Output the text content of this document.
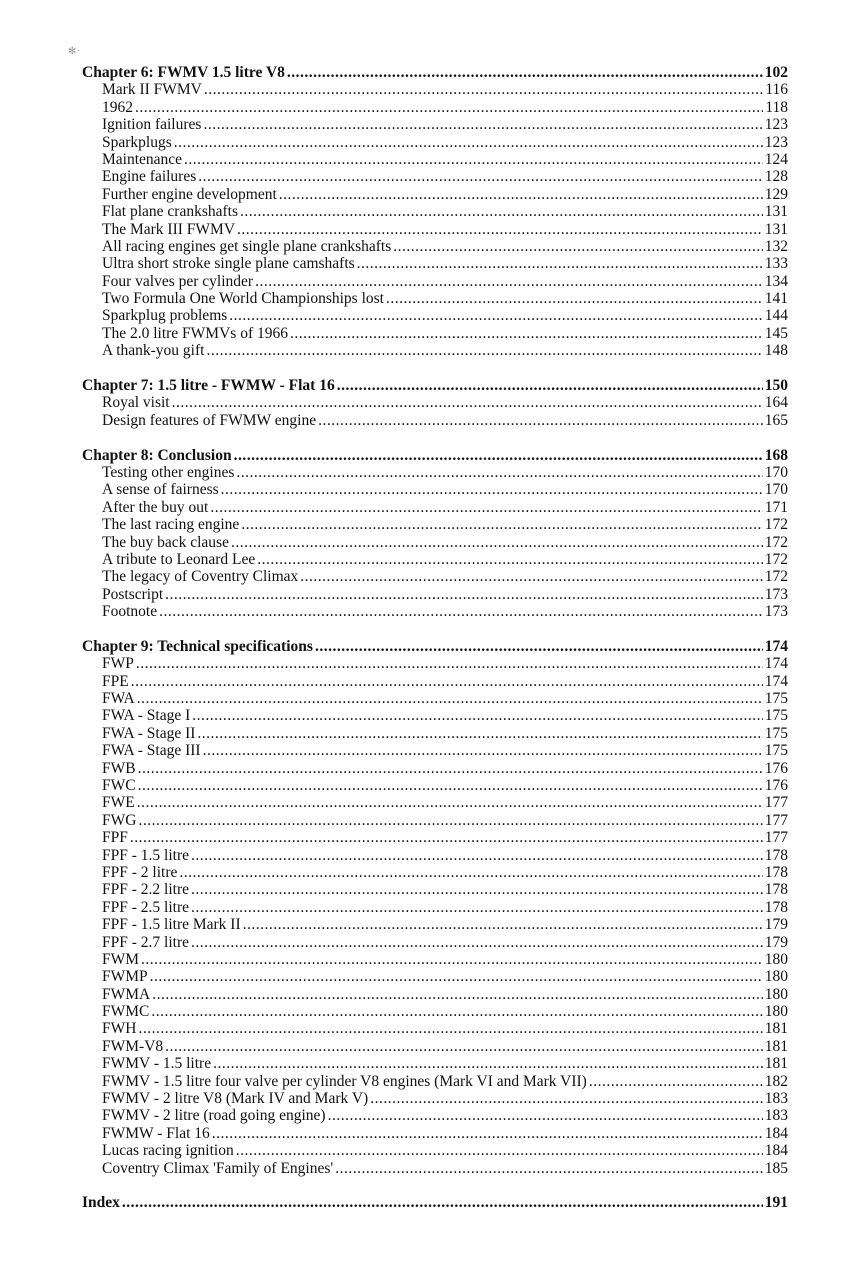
✻ ·
Chapter 6: FWMV 1.5 litre V8 .....	102
Mark II FWMV .....	116
1962 .....	118
Ignition failures .....	123
Sparkplugs .....	123
Maintenance .....	124
Engine failures .....	128
Further engine development .....	129
Flat plane crankshafts .....	131
The Mark III FWMV .....	131
All racing engines get single plane crankshafts .....	132
Ultra short stroke single plane camshafts .....	133
Four valves per cylinder .....	134
Two Formula One World Championships lost .....	141
Sparkplug problems .....	144
The 2.0 litre FWMVs of 1966 .....	145
A thank-you gift .....	148
Chapter 7: 1.5 litre - FWMW - Flat 16 .....	150
Royal visit .....	164
Design features of FWMW engine .....	165
Chapter 8: Conclusion .....	168
Testing other engines .....	170
A sense of fairness .....	170
After the buy out .....	171
The last racing engine .....	172
The buy back clause .....	172
A tribute to Leonard Lee .....	172
The legacy of Coventry Climax .....	172
Postscript .....	173
Footnote .....	173
Chapter 9: Technical specifications .....	174
FWP .....	174
FPE .....	174
FWA .....	175
FWA - Stage I .....	175
FWA - Stage II .....	175
FWA - Stage III .....	175
FWB .....	176
FWC .....	176
FWE .....	177
FWG .....	177
FPF .....	177
FPF - 1.5 litre .....	178
FPF - 2 litre .....	178
FPF - 2.2 litre .....	178
FPF - 2.5 litre .....	178
FPF - 1.5 litre Mark II .....	179
FPF - 2.7 litre .....	179
FWM .....	180
FWMP .....	180
FWMA .....	180
FWMC .....	180
FWH .....	181
FWM-V8 .....	181
FWMV - 1.5 litre .....	181
FWMV - 1.5 litre four valve per cylinder V8 engines (Mark VI and Mark VII) .....	182
FWMV - 2 litre V8 (Mark IV and Mark V) .....	183
FWMV - 2 litre (road going engine) .....	183
FWMW - Flat 16 .....	184
Lucas racing ignition .....	184
Coventry Climax 'Family of Engines' .....	185
Index .....	191
